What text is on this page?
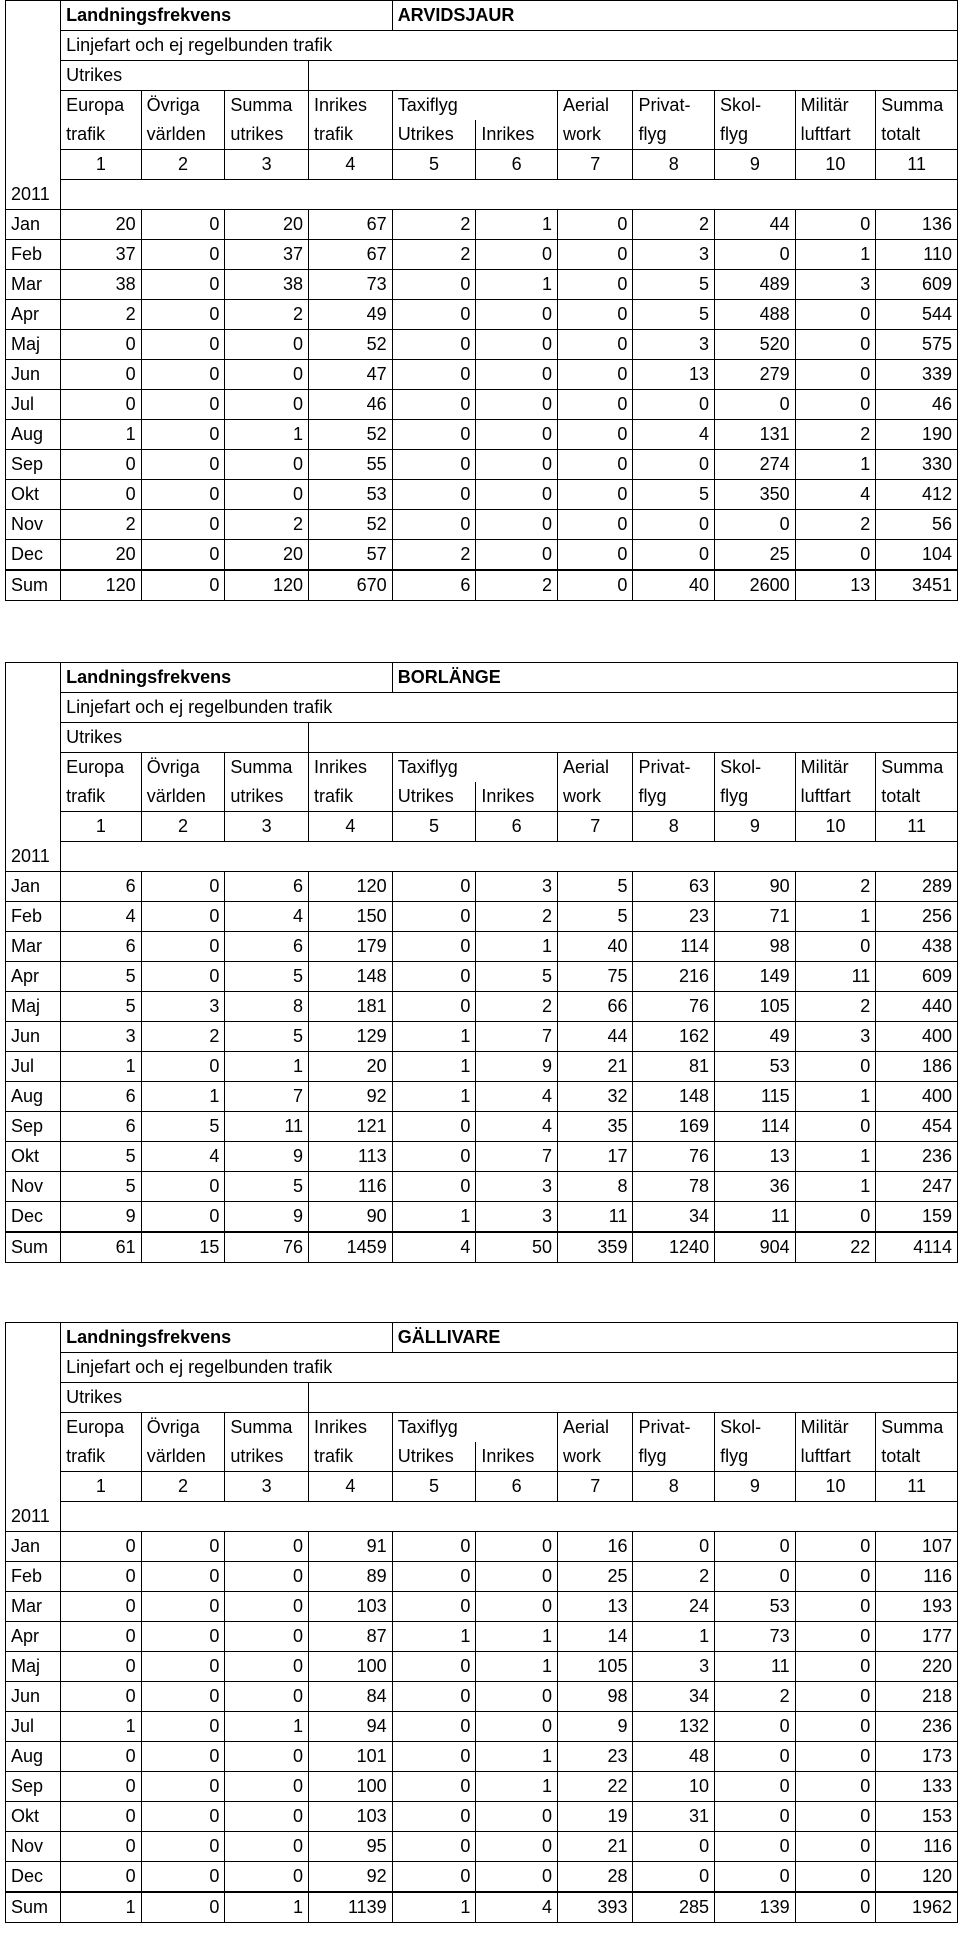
	Landningsfrekvens				ARVIDSJAUR						
	Linjefart och ej regelbunden trafik										
	Utrikes										
	Europa	Övriga	Summa	Inrikes	Taxiflyg		Aerial	Privat-	Skol-	Militär	Summa
	trafik	världen	utrikes	trafik	Utrikes	Inrikes	work	flyg	flyg	luftfart	totalt
	1	2	3	4	5	6	7	8	9	10	11
2011											
Jan	20	0	20	67	2	1	0	2	44	0	136
Feb	37	0	37	67	2	0	0	3	0	1	110
Mar	38	0	38	73	0	1	0	5	489	3	609
Apr	2	0	2	49	0	0	0	5	488	0	544
Maj	0	0	0	52	0	0	0	3	520	0	575
Jun	0	0	0	47	0	0	0	13	279	0	339
Jul	0	0	0	46	0	0	0	0	0	0	46
Aug	1	0	1	52	0	0	0	4	131	2	190
Sep	0	0	0	55	0	0	0	0	274	1	330
Okt	0	0	0	53	0	0	0	5	350	4	412
Nov	2	0	2	52	0	0	0	0	0	2	56
Dec	20	0	20	57	2	0	0	0	25	0	104
Sum	120	0	120	670	6	2	0	40	2600	13	3451
	Landningsfrekvens				BORLÄNGE						
	Linjefart och ej regelbunden trafik										
	Utrikes										
	Europa	Övriga	Summa	Inrikes	Taxiflyg		Aerial	Privat-	Skol-	Militär	Summa
	trafik	världen	utrikes	trafik	Utrikes	Inrikes	work	flyg	flyg	luftfart	totalt
	1	2	3	4	5	6	7	8	9	10	11
2011											
Jan	6	0	6	120	0	3	5	63	90	2	289
Feb	4	0	4	150	0	2	5	23	71	1	256
Mar	6	0	6	179	0	1	40	114	98	0	438
Apr	5	0	5	148	0	5	75	216	149	11	609
Maj	5	3	8	181	0	2	66	76	105	2	440
Jun	3	2	5	129	1	7	44	162	49	3	400
Jul	1	0	1	20	1	9	21	81	53	0	186
Aug	6	1	7	92	1	4	32	148	115	1	400
Sep	6	5	11	121	0	4	35	169	114	0	454
Okt	5	4	9	113	0	7	17	76	13	1	236
Nov	5	0	5	116	0	3	8	78	36	1	247
Dec	9	0	9	90	1	3	11	34	11	0	159
Sum	61	15	76	1459	4	50	359	1240	904	22	4114
	Landningsfrekvens				GÄLLIVARE						
	Linjefart och ej regelbunden trafik										
	Utrikes										
	Europa	Övriga	Summa	Inrikes	Taxiflyg		Aerial	Privat-	Skol-	Militär	Summa
	trafik	världen	utrikes	trafik	Utrikes	Inrikes	work	flyg	flyg	luftfart	totalt
	1	2	3	4	5	6	7	8	9	10	11
2011											
Jan	0	0	0	91	0	0	16	0	0	0	107
Feb	0	0	0	89	0	0	25	2	0	0	116
Mar	0	0	0	103	0	0	13	24	53	0	193
Apr	0	0	0	87	1	1	14	1	73	0	177
Maj	0	0	0	100	0	1	105	3	11	0	220
Jun	0	0	0	84	0	0	98	34	2	0	218
Jul	1	0	1	94	0	0	9	132	0	0	236
Aug	0	0	0	101	0	1	23	48	0	0	173
Sep	0	0	0	100	0	1	22	10	0	0	133
Okt	0	0	0	103	0	0	19	31	0	0	153
Nov	0	0	0	95	0	0	21	0	0	0	116
Dec	0	0	0	92	0	0	28	0	0	0	120
Sum	1	0	1	1139	1	4	393	285	139	0	1962
